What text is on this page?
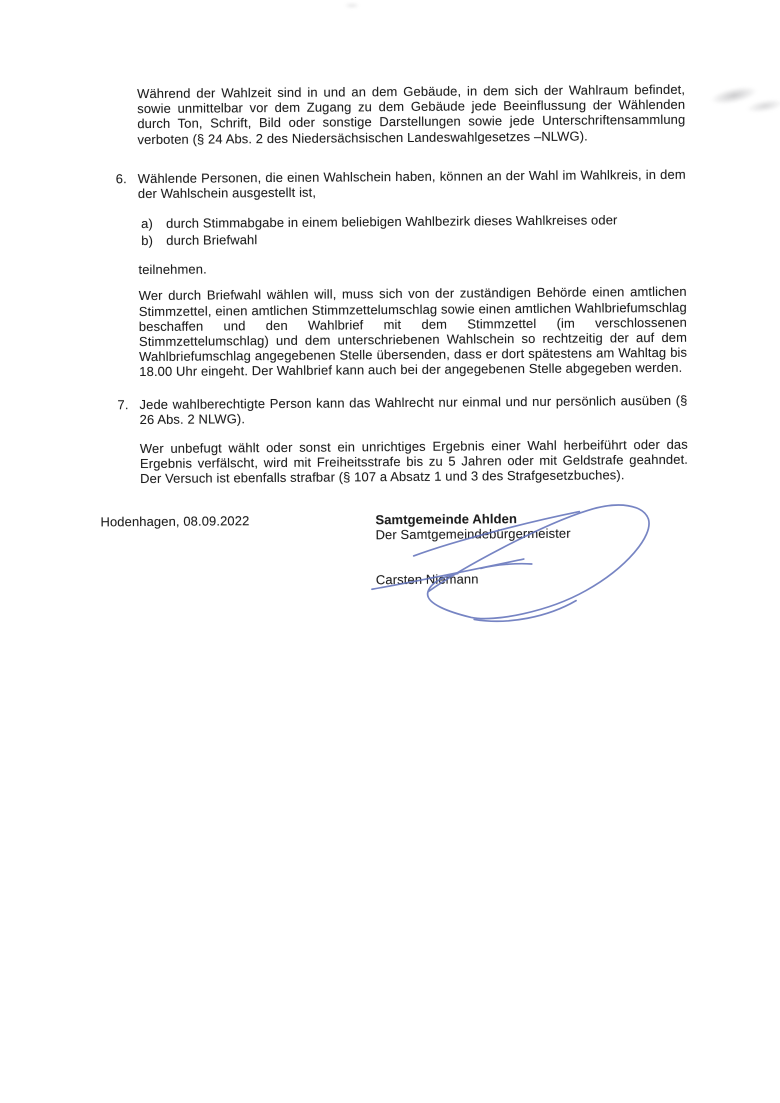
Während der Wahlzeit sind in und an dem Gebäude, in dem sich der Wahlraum befindet, sowie unmittelbar vor dem Zugang zu dem Gebäude jede Beeinflussung der Wählenden durch Ton, Schrift, Bild oder sonstige Darstellungen sowie jede Unterschriftensammlung verboten (§ 24 Abs. 2 des Niedersächsischen Landeswahlgesetzes –NLWG).

6. Wählende Personen, die einen Wahlschein haben, können an der Wahl im Wahlkreis, in dem der Wahlschein ausgestellt ist,
a)	durch Stimmabgabe in einem beliebigen Wahlbezirk dieses Wahlkreises oder
b)	durch Briefwahl
teilnehmen.
Wer durch Briefwahl wählen will, muss sich von der zuständigen Behörde einen amtlichen Stimmzettel, einen amtlichen Stimmzettelumschlag sowie einen amtlichen Wahlbriefumschlag beschaffen und den Wahlbrief mit dem Stimmzettel (im verschlossenen Stimmzettelumschlag) und dem unterschriebenen Wahlschein so rechtzeitig der auf dem Wahlbriefumschlag angegebenen Stelle übersenden, dass er dort spätestens am Wahltag bis 18.00 Uhr eingeht. Der Wahlbrief kann auch bei der angegebenen Stelle abgegeben werden.
7. Jede wahlberechtigte Person kann das Wahlrecht nur einmal und nur persönlich ausüben (§ 26 Abs. 2 NLWG).
Wer unbefugt wählt oder sonst ein unrichtiges Ergebnis einer Wahl herbeiführt oder das Ergebnis verfälscht, wird mit Freiheitsstrafe bis zu 5 Jahren oder mit Geldstrafe geahndet. Der Versuch ist ebenfalls strafbar (§ 107 a Absatz 1 und 3 des Strafgesetzbuches).
Hodenhagen, 08.09.2022	Samtgemeinde Ahlden
Der Samtgemeindebürgermeister
Carsten Niemann
